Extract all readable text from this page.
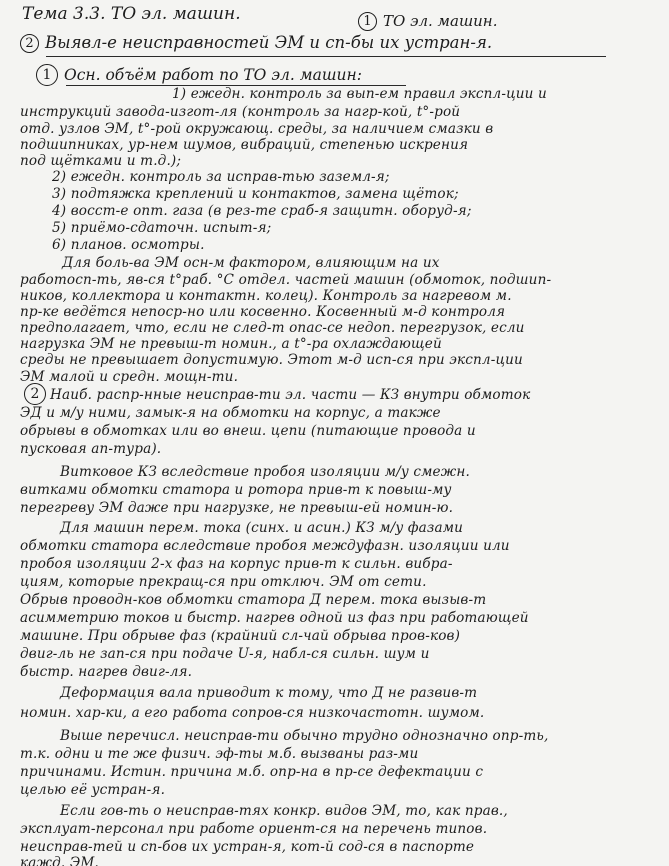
Тема 3.3. ТО эл. машин.	1 ТО эл. машин.
2 Выявл-е неисправностей ЭМ и сп-бы их устран-я.
1 Осн. объём работ по ТО эл. машин:
1) ежедн. контроль за вып-ем правил экспл-ции и
инструкций завода-изгот-ля (контроль за нагр-кой, t°-рой
отд. узлов ЭМ, t°-рой окружающ. среды, за наличием смазки в
подшипниках, ур-нем шумов, вибраций, степенью искрения
под щётками и т.д.);
2) ежедн. контроль за исправ-тью заземл-я;
3) подтяжка креплений и контактов, замена щёток;
4) восст-е опт. газа (в рез-те сраб-я защитн. оборуд-я;
5) приёмо-сдаточн. испыт-я;
6) планов. осмотры.
Для боль-ва ЭМ осн-м фактором, влияющим на их
работосп-ть, яв-ся t°раб. °С отдел. частей машин (обмоток, подшип-
ников, коллектора и контактн. колец). Контроль за нагревом м.
пр-ке ведётся непоср-но или косвенно. Косвенный м-д контроля
предполагает, что, если не след-т опас-се недоп. перегрузок, если
нагрузка ЭМ не превыш-т номин., а t°-ра охлаждающей
среды не превышает допустимую. Этот м-д исп-ся при экспл-ции
ЭМ малой и средн. мощн-ти.
2 Наиб. распр-нные неисправ-ти эл. части — КЗ внутри обмоток
ЭД и м/у ними, замык-я на обмотки на корпус, а также
обрывы в обмотках или во внеш. цепи (питающие провода и
пусковая ап-тура).
Витковое КЗ вследствие пробоя изоляции м/у смежн.
витками обмотки статора и ротора прив-т к повыш-му
перегреву ЭМ даже при нагрузке, не превыш-ей номин-ю.
Для машин перем. тока (синх. и асин.) КЗ м/у фазами
обмотки статора вследствие пробоя междуфазн. изоляции или
пробоя изоляции 2-х фаз на корпус прив-т к сильн. вибра-
циям, которые прекращ-ся при отключ. ЭМ от сети.
Обрыв проводн-ков обмотки статора Д перем. тока вызыв-т
асимметрию токов и быстр. нагрев одной из фаз при работающей
машине. При обрыве фаз (крайний сл-чай обрыва пров-ков)
двиг-ль не зап-ся при подаче U-я, набл-ся сильн. шум и
быстр. нагрев двиг-ля.
Деформация вала приводит к тому, что Д не развив-т
номин. хар-ки, а его работа сопров-ся низкочастотн. шумом.
Выше перечисл. неисправ-ти обычно трудно однозначно опр-ть,
т.к. одни и те же физич. эф-ты м.б. вызваны раз-ми
причинами. Истин. причина м.б. опр-на в пр-се дефектации с
целью её устран-я.
Если гов-ть о неисправ-тях конкр. видов ЭМ, то, как прав.,
эксплуат-персонал при работе ориент-ся на перечень типов.
неисправ-тей и сп-бов их устран-я, кот-й сод-ся в паспорте
кажд. ЭМ.
